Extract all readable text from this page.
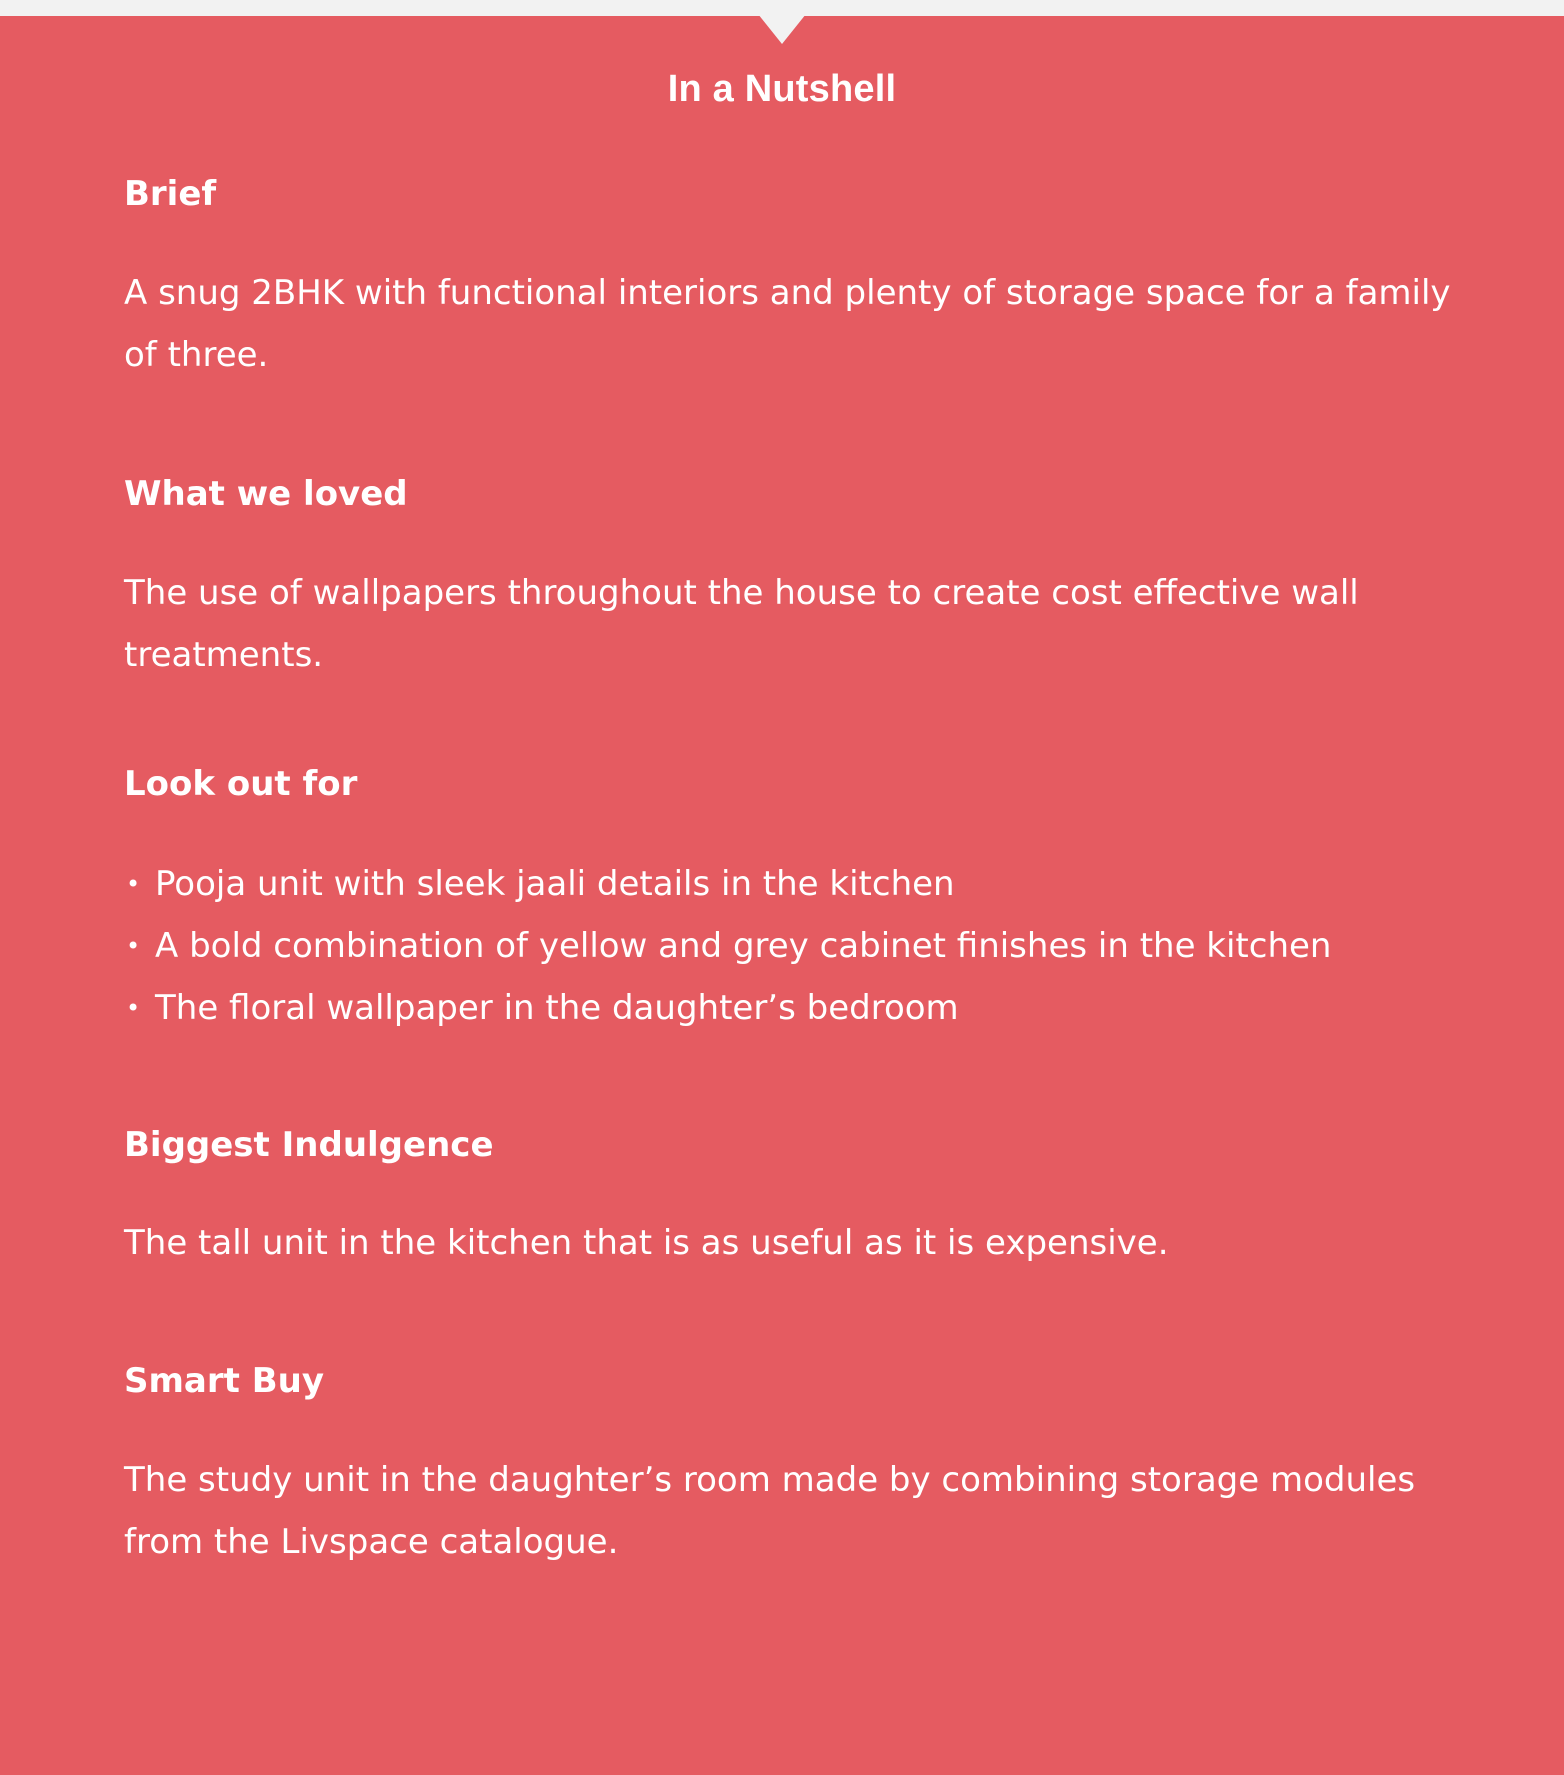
In a Nutshell
Brief

A snug 2BHK with functional interiors and plenty of storage space for a family of three.

What we loved

The use of wallpapers throughout the house to create cost effective wall treatments.

Look out for
• Pooja unit with sleek jaali details in the kitchen
• A bold combination of yellow and grey cabinet finishes in the kitchen
• The floral wallpaper in the daughter’s bedroom
Biggest Indulgence

The tall unit in the kitchen that is as useful as it is expensive.

Smart Buy

The study unit in the daughter’s room made by combining storage modules from the Livspace catalogue.
